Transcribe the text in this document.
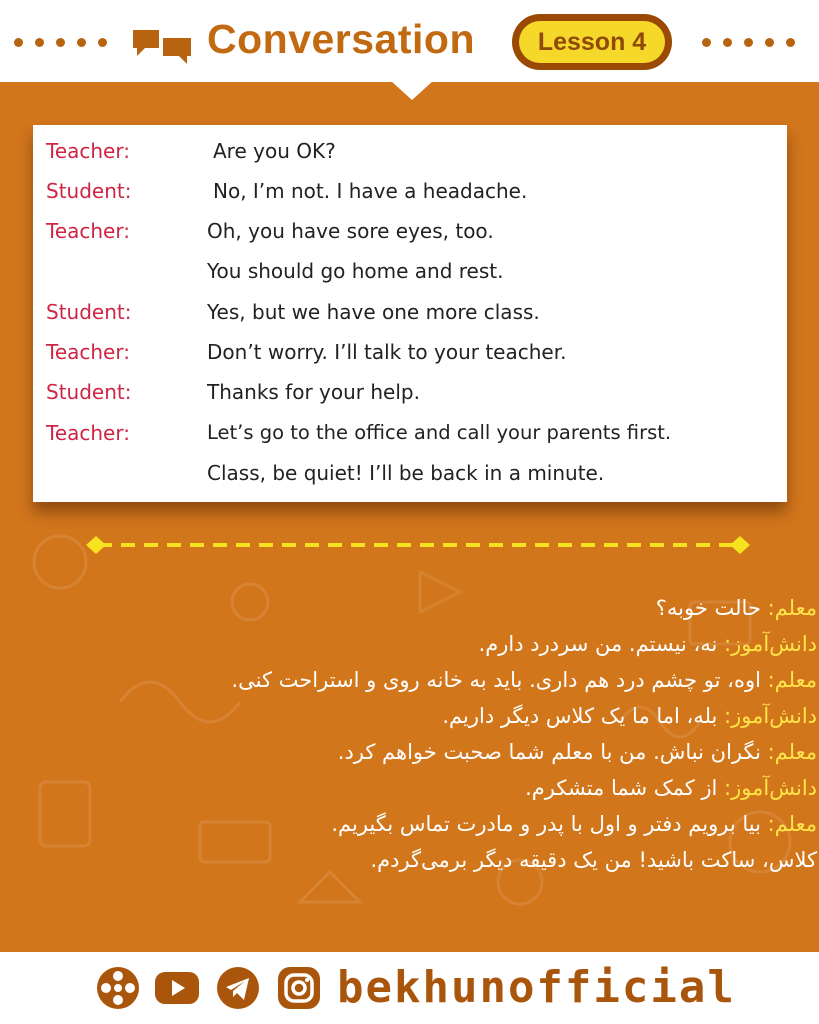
Conversation	Lesson 4
Teacher:	Are you OK?
Student:	No, I’m not. I have a headache.
Teacher:	Oh, you have sore eyes, too.
You should go home and rest.
Student:	Yes, but we have one more class.
Teacher:	Don’t worry. I’ll talk to your teacher.
Student:	Thanks for your help.
Teacher:	Let’s go to the office and call your parents first.
Class, be quiet! I’ll be back in a minute.
معلم: حالت خوبه؟
دانش‌آموز: نه، نیستم. من سردرد دارم.
معلم: اوه، تو چشم درد هم داری. باید به خانه روی و استراحت کنی.
دانش‌آموز: بله، اما ما یک کلاس دیگر داریم.
معلم: نگران نباش. من با معلم شما صحبت خواهم کرد.
دانش‌آموز: از کمک شما متشکرم.
معلم: بیا برویم دفتر و اول با پدر و مادرت تماس بگیریم.
کلاس، ساکت باشید! من یک دقیقه دیگر برمی‌گردم.
bekhunofficial
